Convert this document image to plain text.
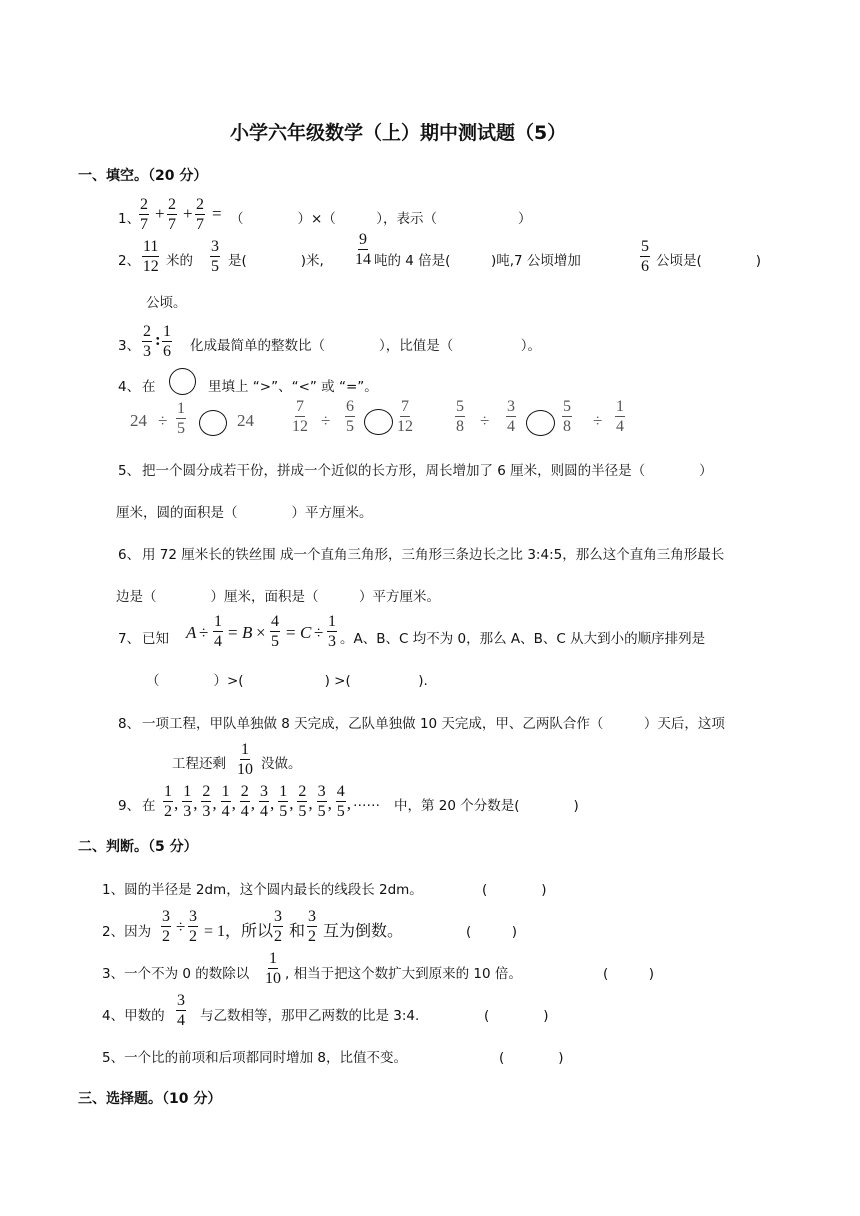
小学六年级数学（上）期中测试题（5）
一、填空。（20 分）
1、
2
7
+ 2
7
+ 2
7
= （　　　　）×（　　　），表示（　　　　　　）
2、
11
12 米的
3
5 是(　　　　)米,
9
14 吨的 4 倍是(　　　)吨,7 公顷增加
5
6 公顷是(　　　　)
公顷。
3、
2
3
: 1
6 化成最简单的整数比（　　　　），比值是（　　　　　）。
4、 在	里填上 “>”、“<” 或 “=”。
24 ÷
1
5	24
7
12 ÷
6
5
7
12
5
8 ÷
3
4
5
8 ÷
1
4
5、 把一个圆分成若干份，拼成一个近似的长方形，周长增加了 6 厘米，则圆的半径是（　　　　）
厘米，圆的面积是（　　　　）平方厘米。
6、 用 72 厘米长的铁丝围 成一个直角三角形，三角形三条边长之比 3:4:5，那么这个直角三角形最长
边是（　　　　）厘米，面积是（　　　）平方厘米。
7、 已知 A ÷
1
4 = B ×
4
5 = C ÷
1
3 。A、B、C 均不为 0，那么 A、B、C 从大到小的顺序排列是
（　　　　）>(　　　　　　) >(　　　　　).
8、 一项工程，甲队单独做 8 天完成，乙队单独做 10 天完成，甲、乙两队合作（　　　）天后，这项
工程还剩
1
10 没做。
9、 在
1
2 ,
1
3 ,
2
3 ,
1
4 ,
2
4 ,
3
4 ,
1
5 ,
2
5 ,
3
5 ,
4
5 , …… 中，第 20 个分数是(　　　　)
二、判断。（5 分）
1、圆的半径是 2dm，这个圆内最长的线段长 2dm。	(　　　　)
2、因为
3
2
÷
3
2 = 1，所以
3
2 和
3
2 互为倒数。	(　　　)
3、一个不为 0 的数除以
1
10 , 相当于把这个数扩大到原来的 10 倍。	(　　　)
4、甲数的
3
4 与乙数相等，那甲乙两数的比是 3:4.	(　　　　)
5、一个比的前项和后项都同时增加 8，比值不变。	(　　　　)
三、选择题。（10 分）
